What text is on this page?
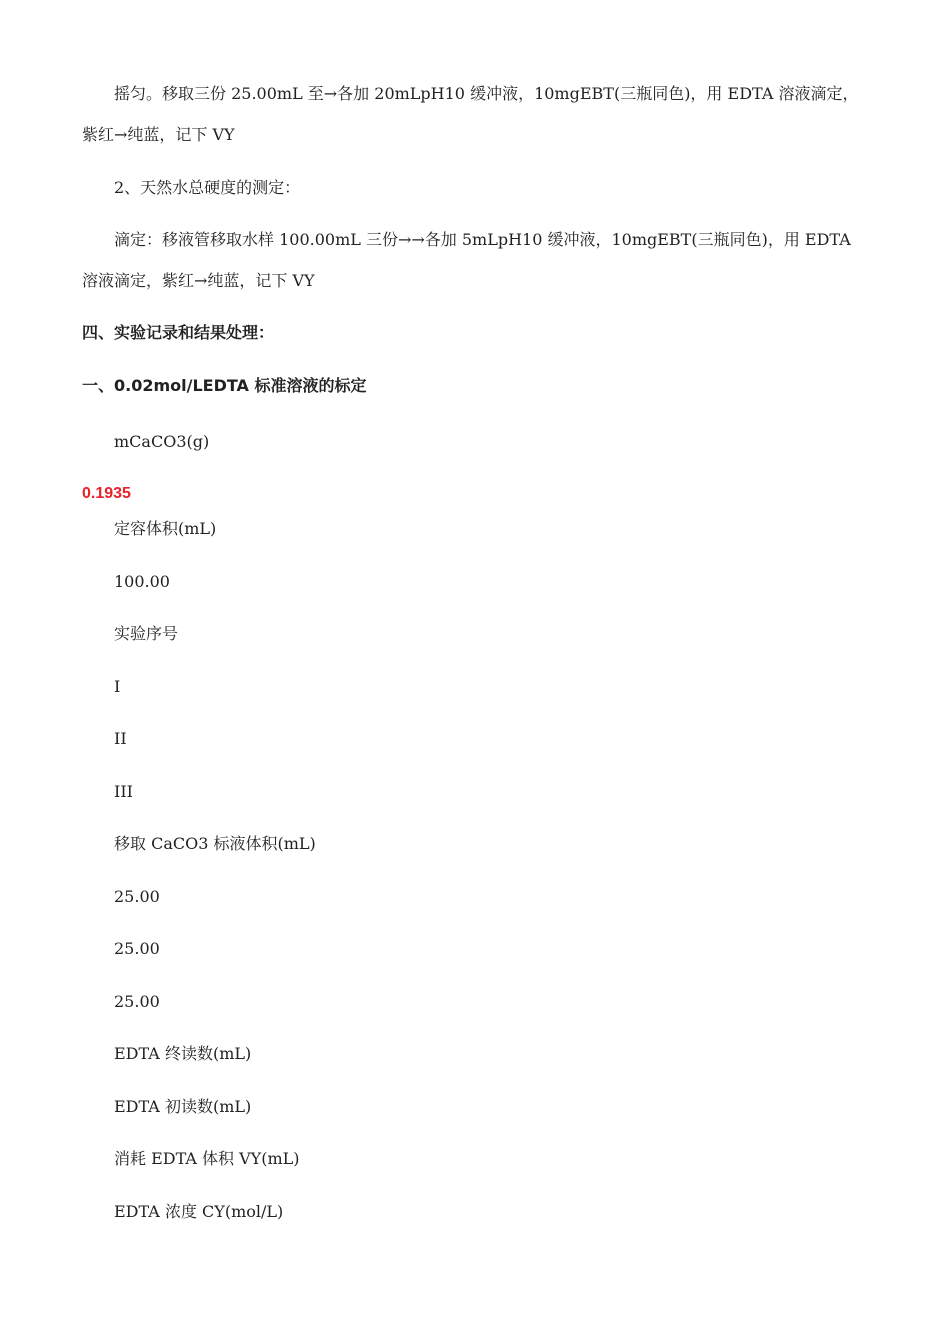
摇匀。移取三份 25.00mL 至→各加 20mLpH10 缓冲液，10mgEBT(三瓶同色)，用 EDTA 溶液滴定，
紫红→纯蓝，记下 VY
2、天然水总硬度的测定：
滴定：移液管移取水样 100.00mL 三份→→各加 5mLpH10 缓冲液，10mgEBT(三瓶同色)，用 EDTA
溶液滴定，紫红→纯蓝，记下 VY
四、实验记录和结果处理：
一、0.02mol/LEDTA 标准溶液的标定
mCaCO3(g)
0.1935
定容体积(mL)
100.00
实验序号
I
II
III
移取 CaCO3 标液体积(mL)
25.00
25.00
25.00
EDTA 终读数(mL)
EDTA 初读数(mL)
消耗 EDTA 体积 VY(mL)
EDTA 浓度 CY(mol/L)
